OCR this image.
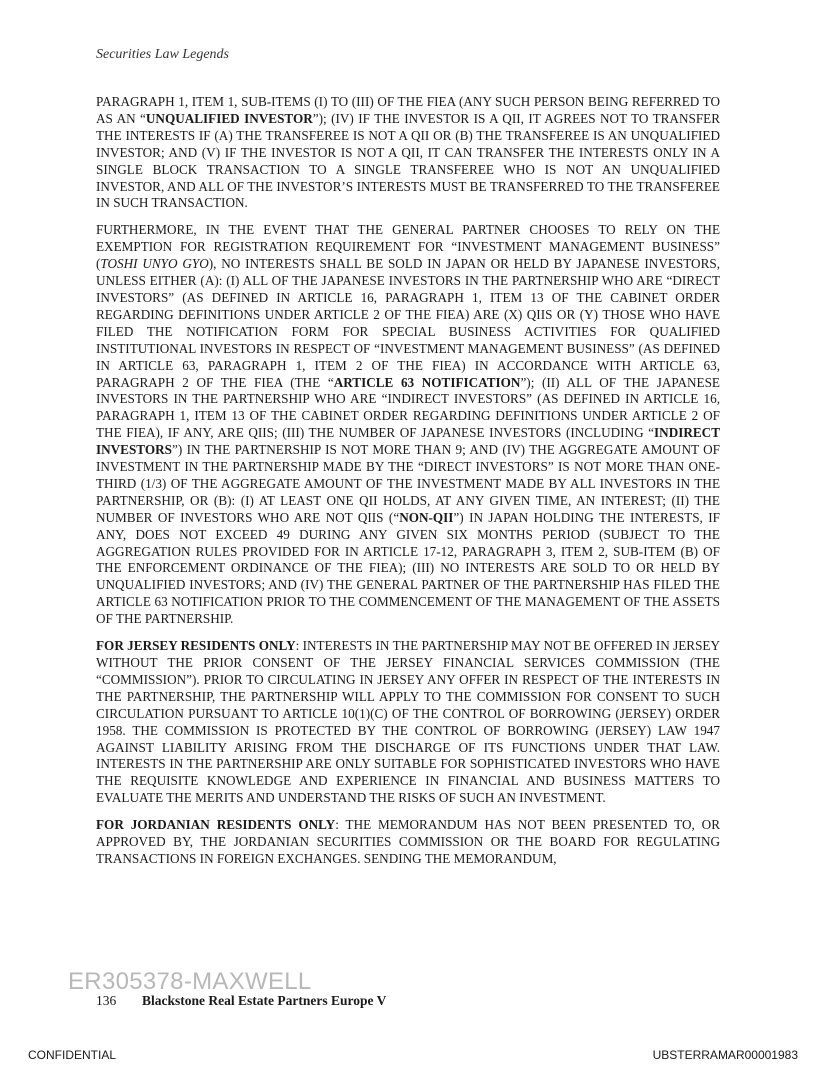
Securities Law Legends

PARAGRAPH 1, ITEM 1, SUB-ITEMS (I) TO (III) OF THE FIEA (ANY SUCH PERSON BEING REFERRED TO AS AN “UNQUALIFIED INVESTOR”); (IV) IF THE INVESTOR IS A QII, IT AGREES NOT TO TRANSFER THE INTERESTS IF (A) THE TRANSFEREE IS NOT A QII OR (B) THE TRANSFEREE IS AN UNQUALIFIED INVESTOR; AND (V) IF THE INVESTOR IS NOT A QII, IT CAN TRANSFER THE INTERESTS ONLY IN A SINGLE BLOCK TRANSACTION TO A SINGLE TRANSFEREE WHO IS NOT AN UNQUALIFIED INVESTOR, AND ALL OF THE INVESTOR’S INTERESTS MUST BE TRANSFERRED TO THE TRANSFEREE IN SUCH TRANSACTION.

FURTHERMORE, IN THE EVENT THAT THE GENERAL PARTNER CHOOSES TO RELY ON THE EXEMPTION FOR REGISTRATION REQUIREMENT FOR “INVESTMENT MANAGEMENT BUSINESS” (TOSHI UNYO GYO), NO INTERESTS SHALL BE SOLD IN JAPAN OR HELD BY JAPANESE INVESTORS, UNLESS EITHER (A): (I) ALL OF THE JAPANESE INVESTORS IN THE PARTNERSHIP WHO ARE “DIRECT INVESTORS” (AS DEFINED IN ARTICLE 16, PARAGRAPH 1, ITEM 13 OF THE CABINET ORDER REGARDING DEFINITIONS UNDER ARTICLE 2 OF THE FIEA) ARE (X) QIIS OR (Y) THOSE WHO HAVE FILED THE NOTIFICATION FORM FOR SPECIAL BUSINESS ACTIVITIES FOR QUALIFIED INSTITUTIONAL INVESTORS IN RESPECT OF “INVESTMENT MANAGEMENT BUSINESS” (AS DEFINED IN ARTICLE 63, PARAGRAPH 1, ITEM 2 OF THE FIEA) IN ACCORDANCE WITH ARTICLE 63, PARAGRAPH 2 OF THE FIEA (THE “ARTICLE 63 NOTIFICATION”); (II) ALL OF THE JAPANESE INVESTORS IN THE PARTNERSHIP WHO ARE “INDIRECT INVESTORS” (AS DEFINED IN ARTICLE 16, PARAGRAPH 1, ITEM 13 OF THE CABINET ORDER REGARDING DEFINITIONS UNDER ARTICLE 2 OF THE FIEA), IF ANY, ARE QIIS; (III) THE NUMBER OF JAPANESE INVESTORS (INCLUDING “INDIRECT INVESTORS”) IN THE PARTNERSHIP IS NOT MORE THAN 9; AND (IV) THE AGGREGATE AMOUNT OF INVESTMENT IN THE PARTNERSHIP MADE BY THE “DIRECT INVESTORS” IS NOT MORE THAN ONE-THIRD (1/3) OF THE AGGREGATE AMOUNT OF THE INVESTMENT MADE BY ALL INVESTORS IN THE PARTNERSHIP, OR (B): (I) AT LEAST ONE QII HOLDS, AT ANY GIVEN TIME, AN INTEREST; (II) THE NUMBER OF INVESTORS WHO ARE NOT QIIS (“NON-QII”) IN JAPAN HOLDING THE INTERESTS, IF ANY, DOES NOT EXCEED 49 DURING ANY GIVEN SIX MONTHS PERIOD (SUBJECT TO THE AGGREGATION RULES PROVIDED FOR IN ARTICLE 17-12, PARAGRAPH 3, ITEM 2, SUB-ITEM (B) OF THE ENFORCEMENT ORDINANCE OF THE FIEA); (III) NO INTERESTS ARE SOLD TO OR HELD BY UNQUALIFIED INVESTORS; AND (IV) THE GENERAL PARTNER OF THE PARTNERSHIP HAS FILED THE ARTICLE 63 NOTIFICATION PRIOR TO THE COMMENCEMENT OF THE MANAGEMENT OF THE ASSETS OF THE PARTNERSHIP.

FOR JERSEY RESIDENTS ONLY: INTERESTS IN THE PARTNERSHIP MAY NOT BE OFFERED IN JERSEY WITHOUT THE PRIOR CONSENT OF THE JERSEY FINANCIAL SERVICES COMMISSION (THE “COMMISSION”). PRIOR TO CIRCULATING IN JERSEY ANY OFFER IN RESPECT OF THE INTERESTS IN THE PARTNERSHIP, THE PARTNERSHIP WILL APPLY TO THE COMMISSION FOR CONSENT TO SUCH CIRCULATION PURSUANT TO ARTICLE 10(1)(C) OF THE CONTROL OF BORROWING (JERSEY) ORDER 1958. THE COMMISSION IS PROTECTED BY THE CONTROL OF BORROWING (JERSEY) LAW 1947 AGAINST LIABILITY ARISING FROM THE DISCHARGE OF ITS FUNCTIONS UNDER THAT LAW. INTERESTS IN THE PARTNERSHIP ARE ONLY SUITABLE FOR SOPHISTICATED INVESTORS WHO HAVE THE REQUISITE KNOWLEDGE AND EXPERIENCE IN FINANCIAL AND BUSINESS MATTERS TO EVALUATE THE MERITS AND UNDERSTAND THE RISKS OF SUCH AN INVESTMENT.

FOR JORDANIAN RESIDENTS ONLY: THE MEMORANDUM HAS NOT BEEN PRESENTED TO, OR APPROVED BY, THE JORDANIAN SECURITIES COMMISSION OR THE BOARD FOR REGULATING TRANSACTIONS IN FOREIGN EXCHANGES. SENDING THE MEMORANDUM,

ER305378-MAXWELL
136 Blackstone Real Estate Partners Europe V
CONFIDENTIAL	UBSTERRAMAR00001983
